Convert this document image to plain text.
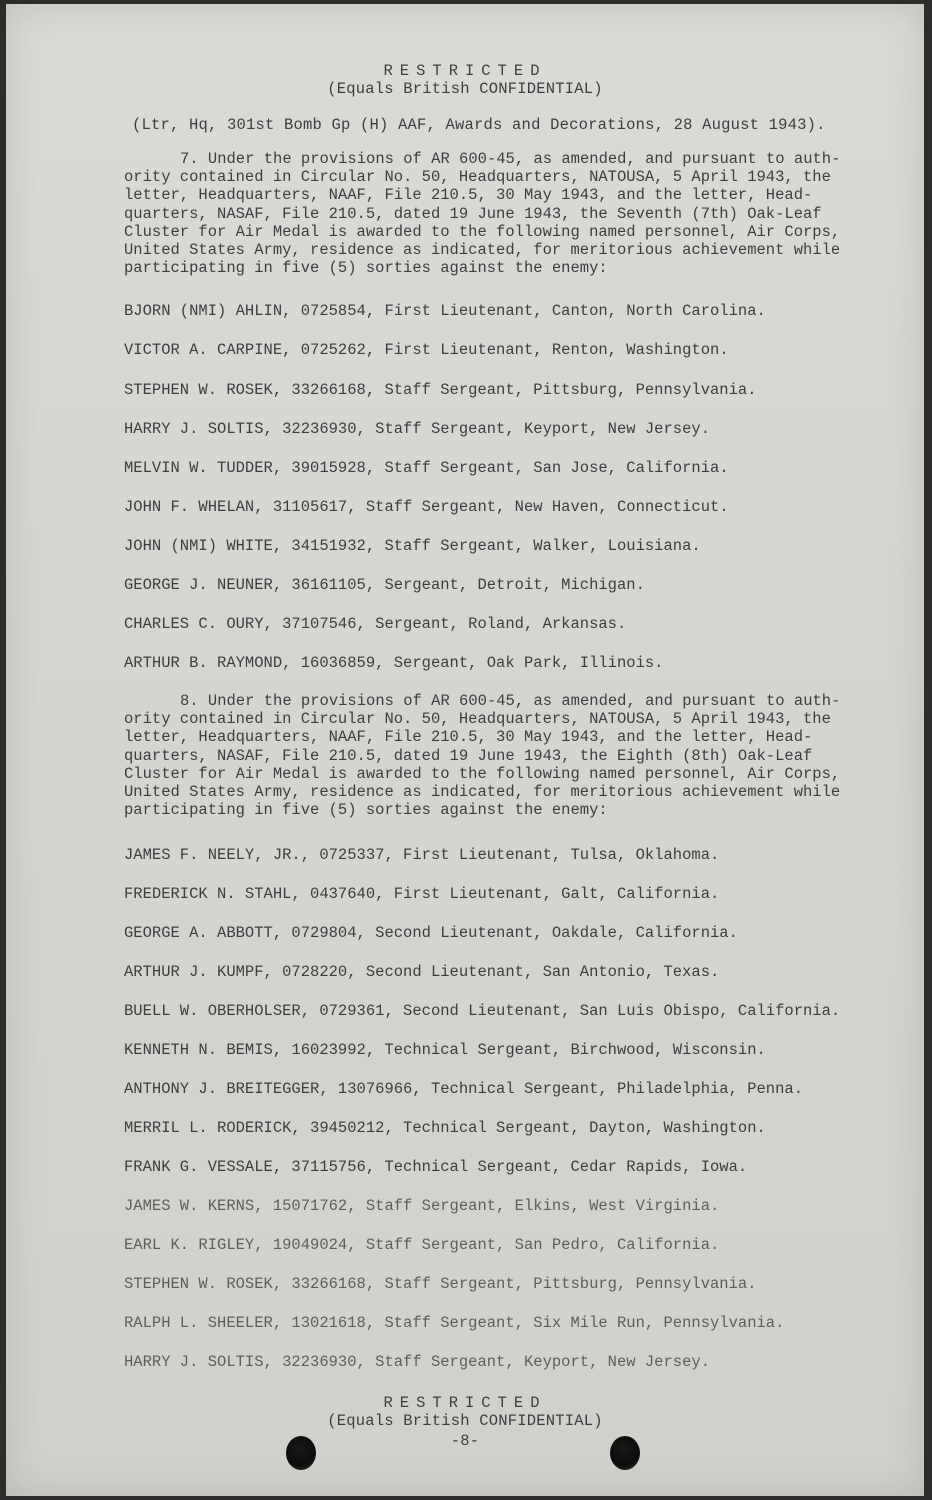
RESTRICTED
(Equals British CONFIDENTIAL)
(Ltr, Hq, 301st Bomb Gp (H) AAF, Awards and Decorations, 28 August 1943).
7. Under the provisions of AR 600-45, as amended, and pursuant to auth-
ority contained in Circular No. 50, Headquarters, NATOUSA, 5 April 1943, the
letter, Headquarters, NAAF, File 210.5, 30 May 1943, and the letter, Head-
quarters, NASAF, File 210.5, dated 19 June 1943, the Seventh (7th) Oak-Leaf
Cluster for Air Medal is awarded to the following named personnel, Air Corps,
United States Army, residence as indicated, for meritorious achievement while
participating in five (5) sorties against the enemy:
BJORN (NMI) AHLIN, 0725854, First Lieutenant, Canton, North Carolina.
VICTOR A. CARPINE, 0725262, First Lieutenant, Renton, Washington.
STEPHEN W. ROSEK, 33266168, Staff Sergeant, Pittsburg, Pennsylvania.
HARRY J. SOLTIS, 32236930, Staff Sergeant, Keyport, New Jersey.
MELVIN W. TUDDER, 39015928, Staff Sergeant, San Jose, California.
JOHN F. WHELAN, 31105617, Staff Sergeant, New Haven, Connecticut.
JOHN (NMI) WHITE, 34151932, Staff Sergeant, Walker, Louisiana.
GEORGE J. NEUNER, 36161105, Sergeant, Detroit, Michigan.
CHARLES C. OURY, 37107546, Sergeant, Roland, Arkansas.
ARTHUR B. RAYMOND, 16036859, Sergeant, Oak Park, Illinois.
8. Under the provisions of AR 600-45, as amended, and pursuant to auth-
ority contained in Circular No. 50, Headquarters, NATOUSA, 5 April 1943, the
letter, Headquarters, NAAF, File 210.5, 30 May 1943, and the letter, Head-
quarters, NASAF, File 210.5, dated 19 June 1943, the Eighth (8th) Oak-Leaf
Cluster for Air Medal is awarded to the following named personnel, Air Corps,
United States Army, residence as indicated, for meritorious achievement while
participating in five (5) sorties against the enemy:
JAMES F. NEELY, JR., 0725337, First Lieutenant, Tulsa, Oklahoma.
FREDERICK N. STAHL, 0437640, First Lieutenant, Galt, California.
GEORGE A. ABBOTT, 0729804, Second Lieutenant, Oakdale, California.
ARTHUR J. KUMPF, 0728220, Second Lieutenant, San Antonio, Texas.
BUELL W. OBERHOLSER, 0729361, Second Lieutenant, San Luis Obispo, California.
KENNETH N. BEMIS, 16023992, Technical Sergeant, Birchwood, Wisconsin.
ANTHONY J. BREITEGGER, 13076966, Technical Sergeant, Philadelphia, Penna.
MERRIL L. RODERICK, 39450212, Technical Sergeant, Dayton, Washington.
FRANK G. VESSALE, 37115756, Technical Sergeant, Cedar Rapids, Iowa.
JAMES W. KERNS, 15071762, Staff Sergeant, Elkins, West Virginia.
EARL K. RIGLEY, 19049024, Staff Sergeant, San Pedro, California.
STEPHEN W. ROSEK, 33266168, Staff Sergeant, Pittsburg, Pennsylvania.
RALPH L. SHEELER, 13021618, Staff Sergeant, Six Mile Run, Pennsylvania.
HARRY J. SOLTIS, 32236930, Staff Sergeant, Keyport, New Jersey.
RESTRICTED
(Equals British CONFIDENTIAL)
-8-
